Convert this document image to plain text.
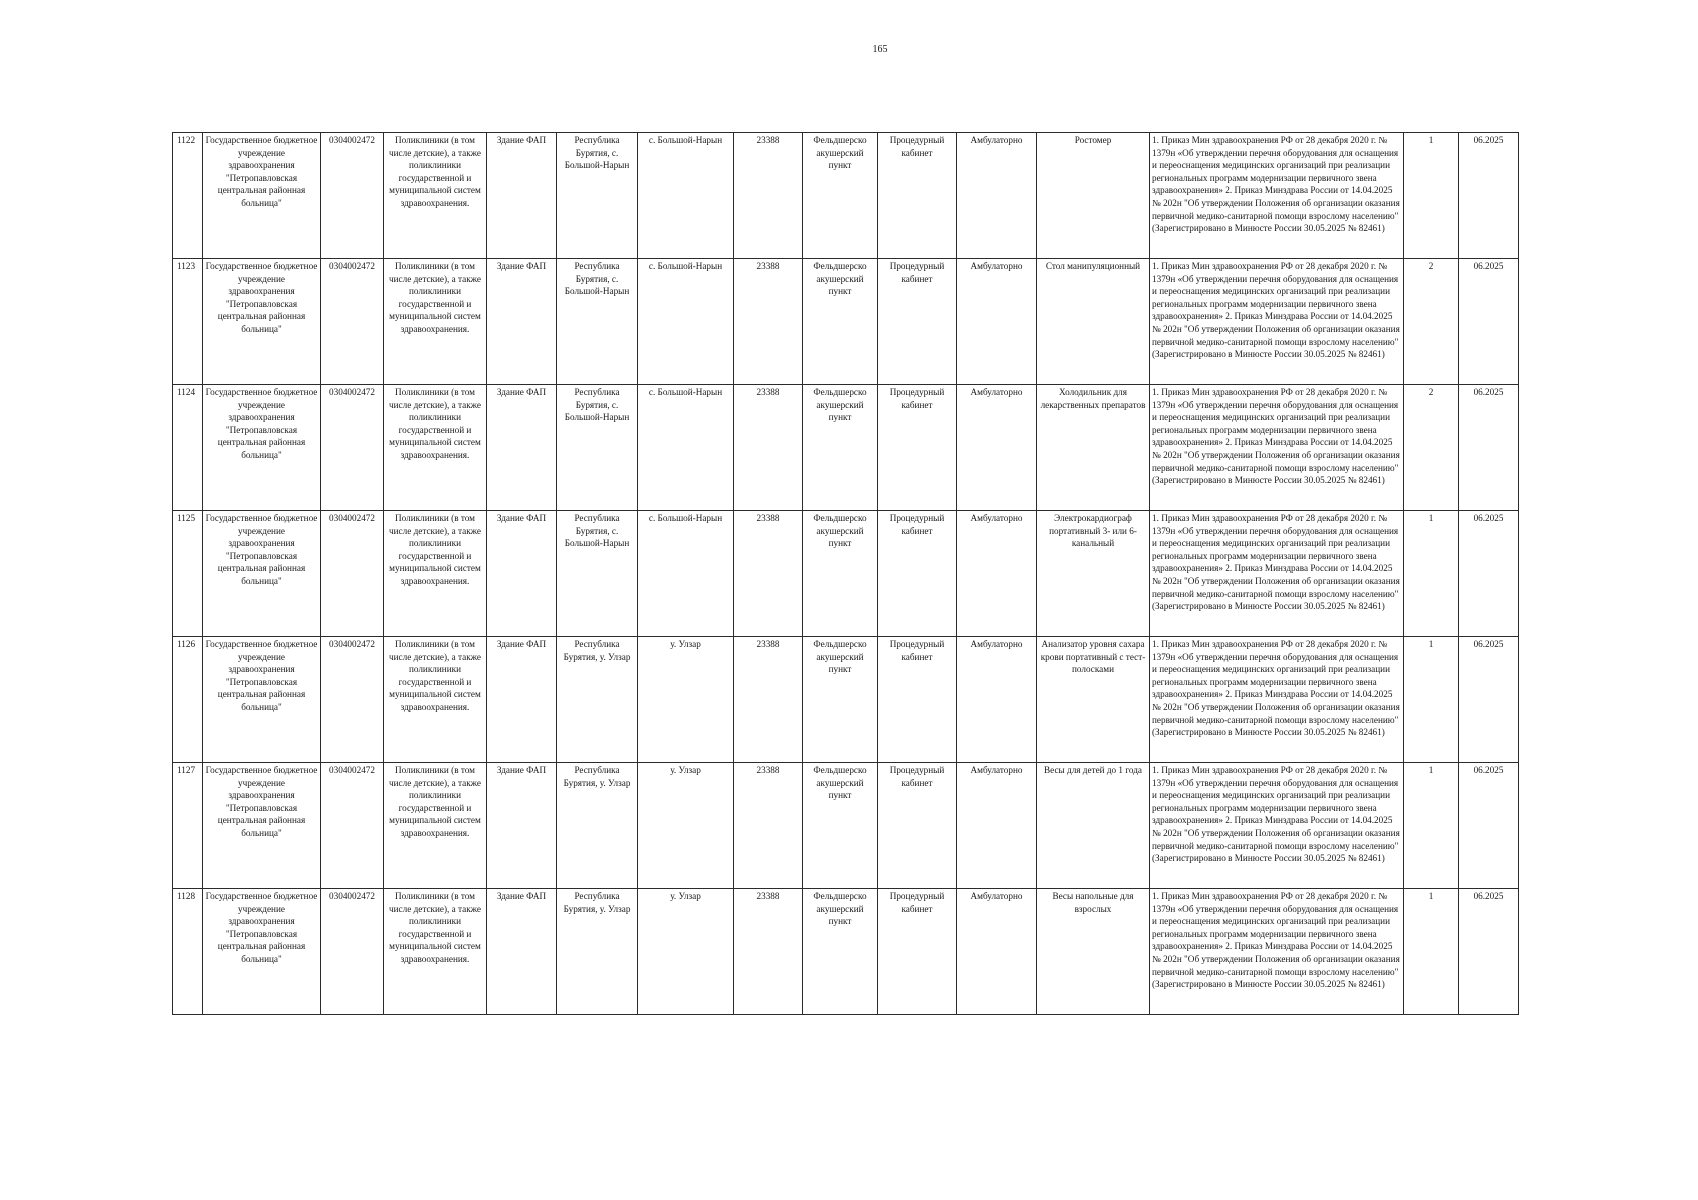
165
1122	Государственное бюджетное учреждение здравоохранения "Петропавловская центральная районная больница"	0304002472	Поликлиники (в том числе детские), а также поликлиники государственной и муниципальной систем здравоохранения.	Здание ФАП	Республика Бурятия, с. Большой-Нарын	с. Большой-Нарын	23388	Фельдшерско акушерский пункт	Процедурный кабинет	Амбулаторно	Ростомер	1. Приказ Мин здравоохранения РФ от 28 декабря 2020 г. № 1379н «Об утверждении перечня оборудования для оснащения и переоснащения медицинских организаций при реализации региональных программ модернизации первичного звена здравоохранения» 2. Приказ Минздрава России от 14.04.2025 № 202н "Об утверждении Положения об организации оказания первичной медико-санитарной помощи взрослому населению" (Зарегистрировано в Минюсте России 30.05.2025 № 82461)	1	06.2025
1123	Государственное бюджетное учреждение здравоохранения "Петропавловская центральная районная больница"	0304002472	Поликлиники (в том числе детские), а также поликлиники государственной и муниципальной систем здравоохранения.	Здание ФАП	Республика Бурятия, с. Большой-Нарын	с. Большой-Нарын	23388	Фельдшерско акушерский пункт	Процедурный кабинет	Амбулаторно	Стол манипуляционный	1. Приказ Мин здравоохранения РФ от 28 декабря 2020 г. № 1379н «Об утверждении перечня оборудования для оснащения и переоснащения медицинских организаций при реализации региональных программ модернизации первичного звена здравоохранения» 2. Приказ Минздрава России от 14.04.2025 № 202н "Об утверждении Положения об организации оказания первичной медико-санитарной помощи взрослому населению" (Зарегистрировано в Минюсте России 30.05.2025 № 82461)	2	06.2025
1124	Государственное бюджетное учреждение здравоохранения "Петропавловская центральная районная больница"	0304002472	Поликлиники (в том числе детские), а также поликлиники государственной и муниципальной систем здравоохранения.	Здание ФАП	Республика Бурятия, с. Большой-Нарын	с. Большой-Нарын	23388	Фельдшерско акушерский пункт	Процедурный кабинет	Амбулаторно	Холодильник для лекарственных препаратов	1. Приказ Мин здравоохранения РФ от 28 декабря 2020 г. № 1379н «Об утверждении перечня оборудования для оснащения и переоснащения медицинских организаций при реализации региональных программ модернизации первичного звена здравоохранения» 2. Приказ Минздрава России от 14.04.2025 № 202н "Об утверждении Положения об организации оказания первичной медико-санитарной помощи взрослому населению" (Зарегистрировано в Минюсте России 30.05.2025 № 82461)	2	06.2025
1125	Государственное бюджетное учреждение здравоохранения "Петропавловская центральная районная больница"	0304002472	Поликлиники (в том числе детские), а также поликлиники государственной и муниципальной систем здравоохранения.	Здание ФАП	Республика Бурятия, с. Большой-Нарын	с. Большой-Нарын	23388	Фельдшерско акушерский пункт	Процедурный кабинет	Амбулаторно	Электрокардиограф портативный 3- или 6-канальный	1. Приказ Мин здравоохранения РФ от 28 декабря 2020 г. № 1379н «Об утверждении перечня оборудования для оснащения и переоснащения медицинских организаций при реализации региональных программ модернизации первичного звена здравоохранения» 2. Приказ Минздрава России от 14.04.2025 № 202н "Об утверждении Положения об организации оказания первичной медико-санитарной помощи взрослому населению" (Зарегистрировано в Минюсте России 30.05.2025 № 82461)	1	06.2025
1126	Государственное бюджетное учреждение здравоохранения "Петропавловская центральная районная больница"	0304002472	Поликлиники (в том числе детские), а также поликлиники государственной и муниципальной систем здравоохранения.	Здание ФАП	Республика Бурятия, у. Улзар	у. Улзар	23388	Фельдшерско акушерский пункт	Процедурный кабинет	Амбулаторно	Анализатор уровня сахара крови портативный с тест-полосками	1. Приказ Мин здравоохранения РФ от 28 декабря 2020 г. № 1379н «Об утверждении перечня оборудования для оснащения и переоснащения медицинских организаций при реализации региональных программ модернизации первичного звена здравоохранения» 2. Приказ Минздрава России от 14.04.2025 № 202н "Об утверждении Положения об организации оказания первичной медико-санитарной помощи взрослому населению" (Зарегистрировано в Минюсте России 30.05.2025 № 82461)	1	06.2025
1127	Государственное бюджетное учреждение здравоохранения "Петропавловская центральная районная больница"	0304002472	Поликлиники (в том числе детские), а также поликлиники государственной и муниципальной систем здравоохранения.	Здание ФАП	Республика Бурятия, у. Улзар	у. Улзар	23388	Фельдшерско акушерский пункт	Процедурный кабинет	Амбулаторно	Весы для детей до 1 года	1. Приказ Мин здравоохранения РФ от 28 декабря 2020 г. № 1379н «Об утверждении перечня оборудования для оснащения и переоснащения медицинских организаций при реализации региональных программ модернизации первичного звена здравоохранения» 2. Приказ Минздрава России от 14.04.2025 № 202н "Об утверждении Положения об организации оказания первичной медико-санитарной помощи взрослому населению" (Зарегистрировано в Минюсте России 30.05.2025 № 82461)	1	06.2025
1128	Государственное бюджетное учреждение здравоохранения "Петропавловская центральная районная больница"	0304002472	Поликлиники (в том числе детские), а также поликлиники государственной и муниципальной систем здравоохранения.	Здание ФАП	Республика Бурятия, у. Улзар	у. Улзар	23388	Фельдшерско акушерский пункт	Процедурный кабинет	Амбулаторно	Весы напольные для взрослых	1. Приказ Мин здравоохранения РФ от 28 декабря 2020 г. № 1379н «Об утверждении перечня оборудования для оснащения и переоснащения медицинских организаций при реализации региональных программ модернизации первичного звена здравоохранения» 2. Приказ Минздрава России от 14.04.2025 № 202н "Об утверждении Положения об организации оказания первичной медико-санитарной помощи взрослому населению" (Зарегистрировано в Минюсте России 30.05.2025 № 82461)	1	06.2025
